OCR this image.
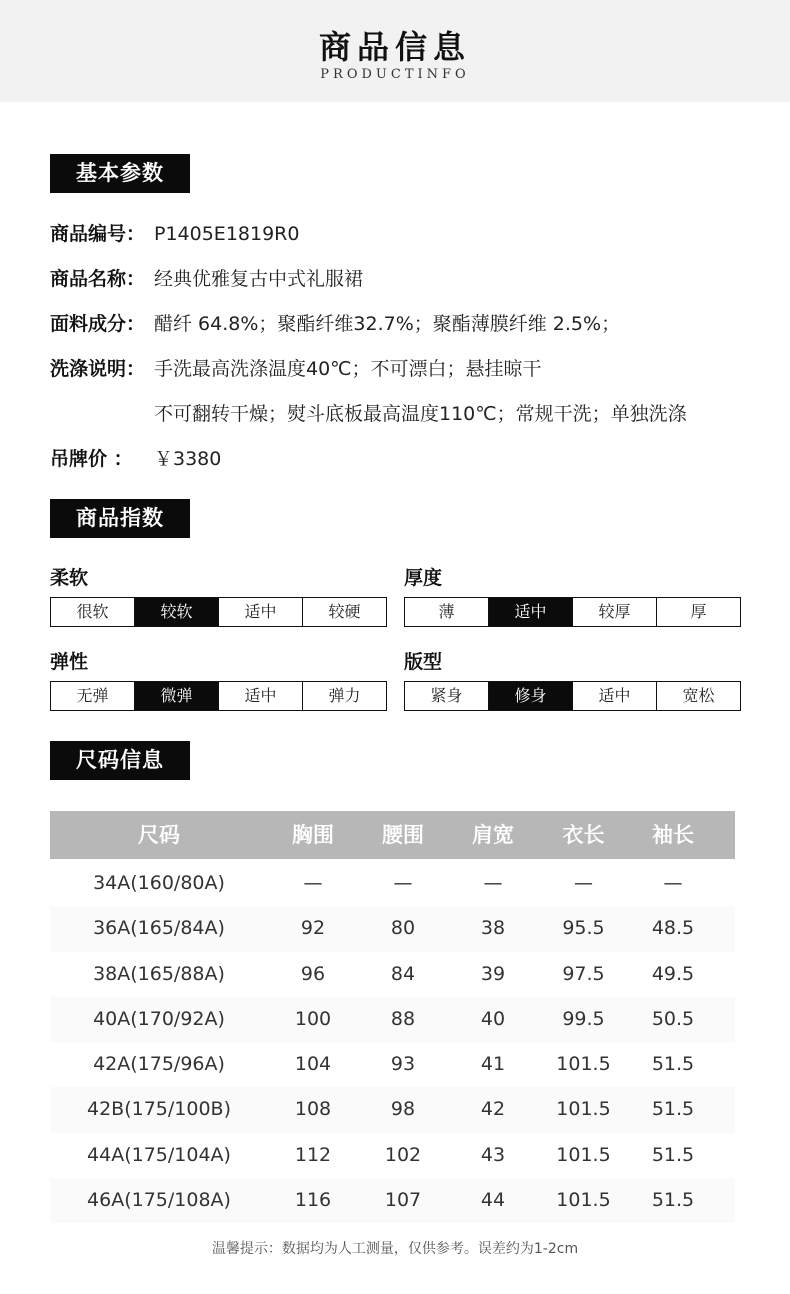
商品信息
PRODUCTINFO
基本参数
商品编号： P1405E1819R0
商品名称： 经典优雅复古中式礼服裙
面料成分： 醋纤 64.8%；聚酯纤维32.7%；聚酯薄膜纤维 2.5%；
洗涤说明： 手洗最高洗涤温度40℃；不可漂白；悬挂晾干
不可翻转干燥；熨斗底板最高温度110℃；常规干洗；单独洗涤
吊牌价 ： ￥3380
商品指数
柔软
很软	较软	适中	较硬
厚度
薄	适中	较厚	厚
弹性
无弹	微弹	适中	弹力
版型
紧身	修身	适中	宽松
尺码信息
尺码	胸围	腰围	肩宽	衣长	袖长
34A(160/80A)	—	—	—	—	—
36A(165/84A)	92	80	38	95.5	48.5
38A(165/88A)	96	84	39	97.5	49.5
40A(170/92A)	100	88	40	99.5	50.5
42A(175/96A)	104	93	41	101.5	51.5
42B(175/100B)	108	98	42	101.5	51.5
44A(175/104A)	112	102	43	101.5	51.5
46A(175/108A)	116	107	44	101.5	51.5
温馨提示：数据均为人工测量，仅供参考。误差约为1-2cm
